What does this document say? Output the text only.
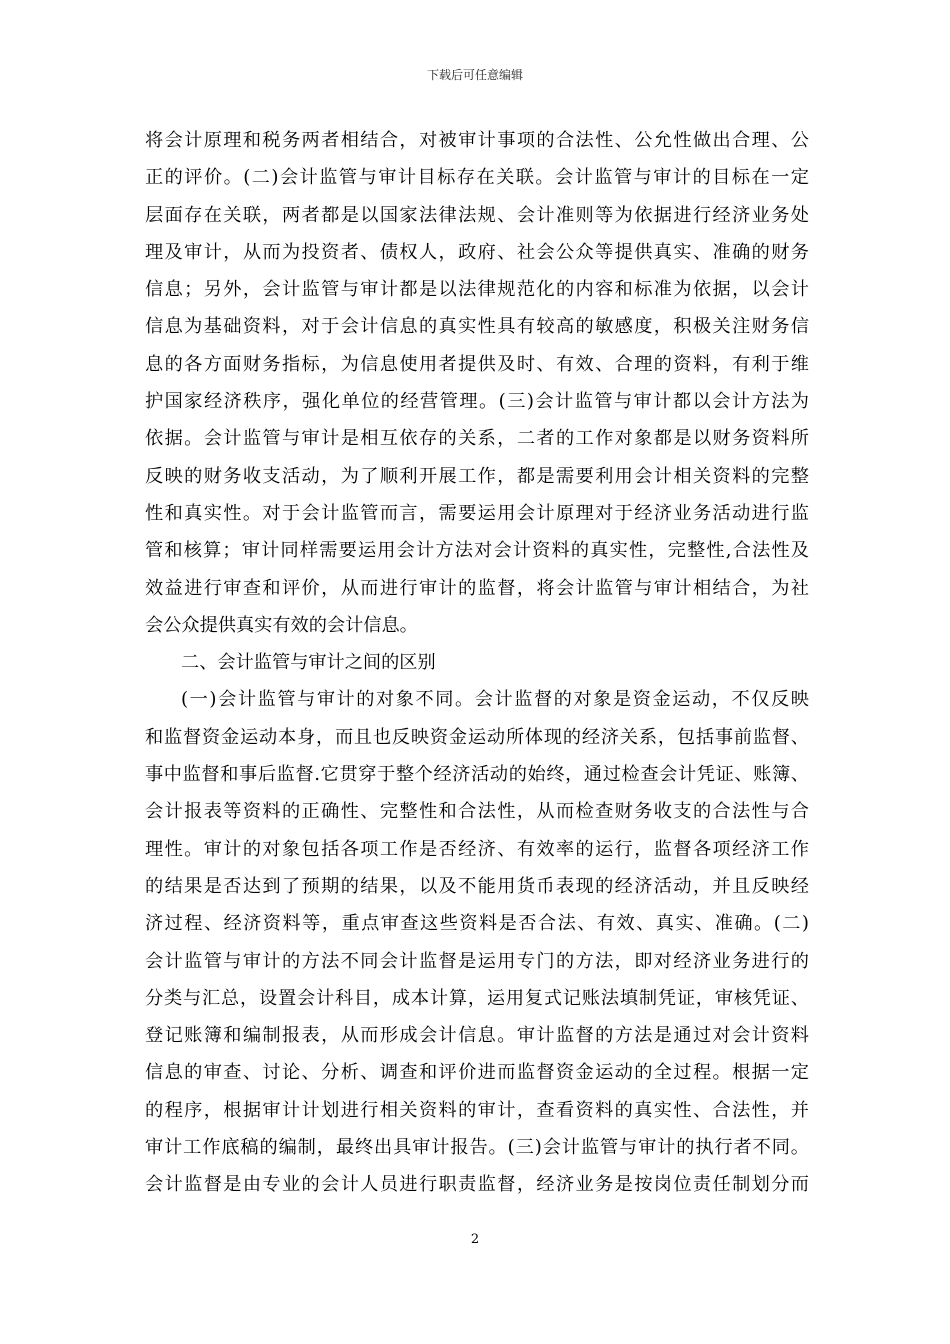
下载后可任意编辑
将会计原理和税务两者相结合，对被审计事项的合法性、公允性做出合理、公
正的评价。(二)会计监管与审计目标存在关联。会计监管与审计的目标在一定
层面存在关联，两者都是以国家法律法规、会计准则等为依据进行经济业务处
理及审计，从而为投资者、债权人，政府、社会公众等提供真实、准确的财务
信息；另外，会计监管与审计都是以法律规范化的内容和标准为依据，以会计
信息为基础资料，对于会计信息的真实性具有较高的敏感度，积极关注财务信
息的各方面财务指标，为信息使用者提供及时、有效、合理的资料，有利于维
护国家经济秩序，强化单位的经营管理。(三)会计监管与审计都以会计方法为
依据。会计监管与审计是相互依存的关系，二者的工作对象都是以财务资料所
反映的财务收支活动，为了顺利开展工作，都是需要利用会计相关资料的完整
性和真实性。对于会计监管而言，需要运用会计原理对于经济业务活动进行监
管和核算；审计同样需要运用会计方法对会计资料的真实性，完整性,合法性及
效益进行审查和评价，从而进行审计的监督，将会计监管与审计相结合，为社
会公众提供真实有效的会计信息。
二、会计监管与审计之间的区别
(一)会计监管与审计的对象不同。会计监督的对象是资金运动，不仅反映
和监督资金运动本身，而且也反映资金运动所体现的经济关系，包括事前监督、
事中监督和事后监督.它贯穿于整个经济活动的始终，通过检查会计凭证、账簿、
会计报表等资料的正确性、完整性和合法性，从而检查财务收支的合法性与合
理性。审计的对象包括各项工作是否经济、有效率的运行，监督各项经济工作
的结果是否达到了预期的结果，以及不能用货币表现的经济活动，并且反映经
济过程、经济资料等，重点审查这些资料是否合法、有效、真实、准确。(二)
会计监管与审计的方法不同会计监督是运用专门的方法，即对经济业务进行的
分类与汇总，设置会计科目，成本计算，运用复式记账法填制凭证，审核凭证、
登记账簿和编制报表，从而形成会计信息。审计监督的方法是通过对会计资料
信息的审查、讨论、分析、调查和评价进而监督资金运动的全过程。根据一定
的程序，根据审计计划进行相关资料的审计，查看资料的真实性、合法性，并
审计工作底稿的编制，最终出具审计报告。(三)会计监管与审计的执行者不同。
会计监督是由专业的会计人员进行职责监督，经济业务是按岗位责任制划分而
2
